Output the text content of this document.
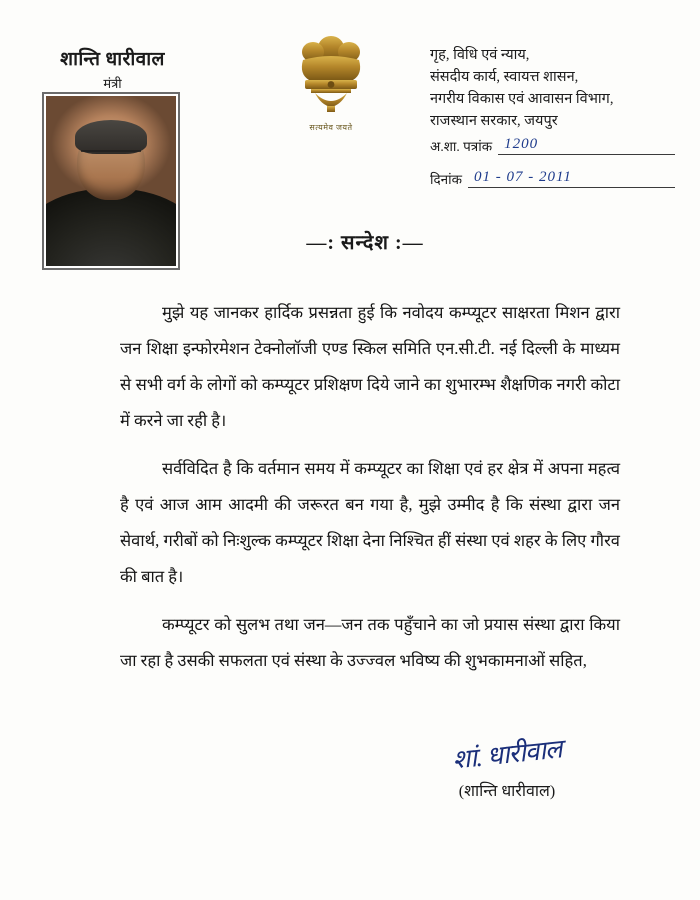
शान्ति धारीवाल
मंत्री
सत्यमेव जयते
गृह, विधि एवं न्याय,
संसदीय कार्य, स्वायत्त शासन,
नगरीय विकास एवं आवासन विभाग,
राजस्थान सरकार, जयपुर
अ.शा. पत्रांक 1200
दिनांक 01 - 07 - 2011
—: सन्देश :—

मुझे यह जानकर हार्दिक प्रसन्नता हुई कि नवोदय कम्प्यूटर साक्षरता मिशन द्वारा जन शिक्षा इन्फोरमेशन टेक्नोलॉजी एण्ड स्किल समिति एन.सी.टी. नई दिल्ली के माध्यम से सभी वर्ग के लोगों को कम्प्यूटर प्रशिक्षण दिये जाने का शुभारम्भ शैक्षणिक नगरी कोटा में करने जा रही है।

सर्वविदित है कि वर्तमान समय में कम्प्यूटर का शिक्षा एवं हर क्षेत्र में अपना महत्व है एवं आज आम आदमी की जरूरत बन गया है, मुझे उम्मीद है कि संस्था द्वारा जन सेवार्थ, गरीबों को निःशुल्क कम्प्यूटर शिक्षा देना निश्चित हीं संस्था एवं शहर के लिए गौरव की बात है।

कम्प्यूटर को सुलभ तथा जन—जन तक पहुँचाने का जो प्रयास संस्था द्वारा किया जा रहा है उसकी सफलता एवं संस्था के उज्ज्वल भविष्य की शुभकामनाओं सहित,

शां. धारीवाल
(शान्ति धारीवाल)
